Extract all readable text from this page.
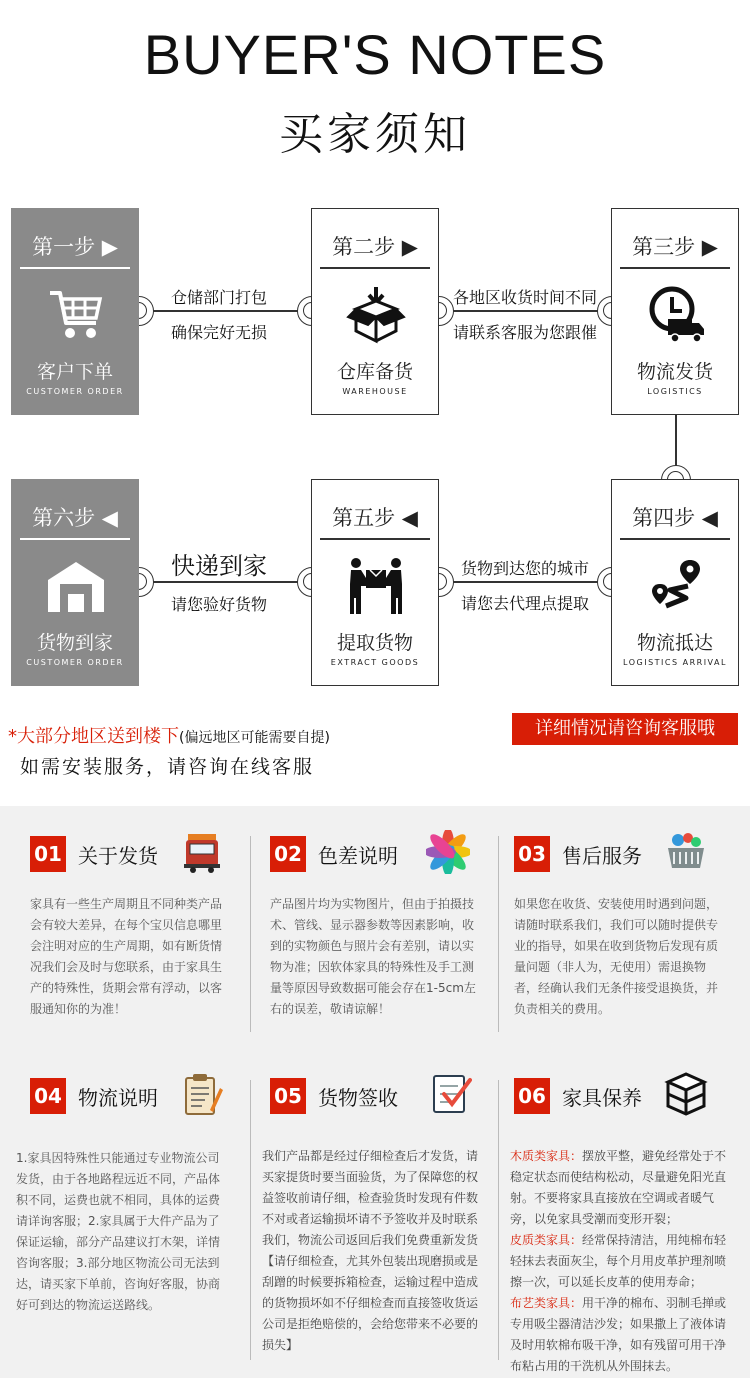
BUYER'S NOTES
买家须知
仓储部门打包
确保完好无损
各地区收货时间不同
请联系客服为您跟催
快递到家
请您验好货物
货物到达您的城市
请您去代理点提取
第一步 ▶
客户下单
CUSTOMER ORDER
第二步 ▶
仓库备货
WAREHOUSE
第三步 ▶
物流发货
LOGISTICS
第四步 ◀
物流抵达
LOGISTICS ARRIVAL
第五步 ◀
提取货物
EXTRACT GOODS
第六步 ◀
货物到家
CUSTOMER ORDER
*大部分地区送到楼下(偏远地区可能需要自提)
如需安装服务，请咨询在线客服
详细情况请咨询客服哦
01 关于发货
家具有一些生产周期且不同种类产品会有较大差异，在每个宝贝信息哪里会注明对应的生产周期，如有断货情况我们会及时与您联系，由于家具生产的特殊性，货期会常有浮动，以客服通知你的为准！
02 色差说明
产品图片均为实物图片，但由于拍摄技术、管线、显示器参数等因素影响，收到的实物颜色与照片会有差别，请以实物为准；因软体家具的特殊性及手工测量等原因导致数据可能会存在1-5cm左右的误差，敬请谅解！
03 售后服务
如果您在收货、安装使用时遇到问题，请随时联系我们，我们可以随时提供专业的指导，如果在收到货物后发现有质量问题（非人为，无使用）需退换物者，经确认我们无条件接受退换货，并负责相关的费用。
04 物流说明
1.家具因特殊性只能通过专业物流公司发货，由于各地路程远近不同，产品体积不同，运费也就不相同，具体的运费请详询客服；2.家具属于大件产品为了保证运输，部分产品建议打木架，详情咨询客服；3.部分地区物流公司无法到达，请买家下单前，咨询好客服，协商好可到达的物流运送路线。
05 货物签收
我们产品都是经过仔细检查后才发货，请买家提货时要当面验货，为了保障您的权益签收前请仔细，检查验货时发现有件数不对或者运输损坏请不予签收并及时联系我们，物流公司返回后我们免费重新发货【请仔细检查，尤其外包装出现磨损或是刮蹭的时候要拆箱检查，运输过程中造成的货物损坏如不仔细检查而直接签收货运公司是拒绝赔偿的，会给您带来不必要的损失】
06 家具保养
木质类家具：摆放平整，避免经常处于不稳定状态而使结构松动，尽量避免阳光直射。不要将家具直接放在空调或者暖气旁，以免家具受潮而变形开裂；
皮质类家具：经常保持清洁，用纯棉布轻轻抹去表面灰尘，每个月用皮革护理剂喷擦一次，可以延长皮革的使用寿命；
布艺类家具：用干净的棉布、羽制毛掸或专用吸尘器清洁沙发；如果撒上了液体请及时用软棉布吸干净，如有残留可用干净布粘占用的干洗机从外围抹去。
